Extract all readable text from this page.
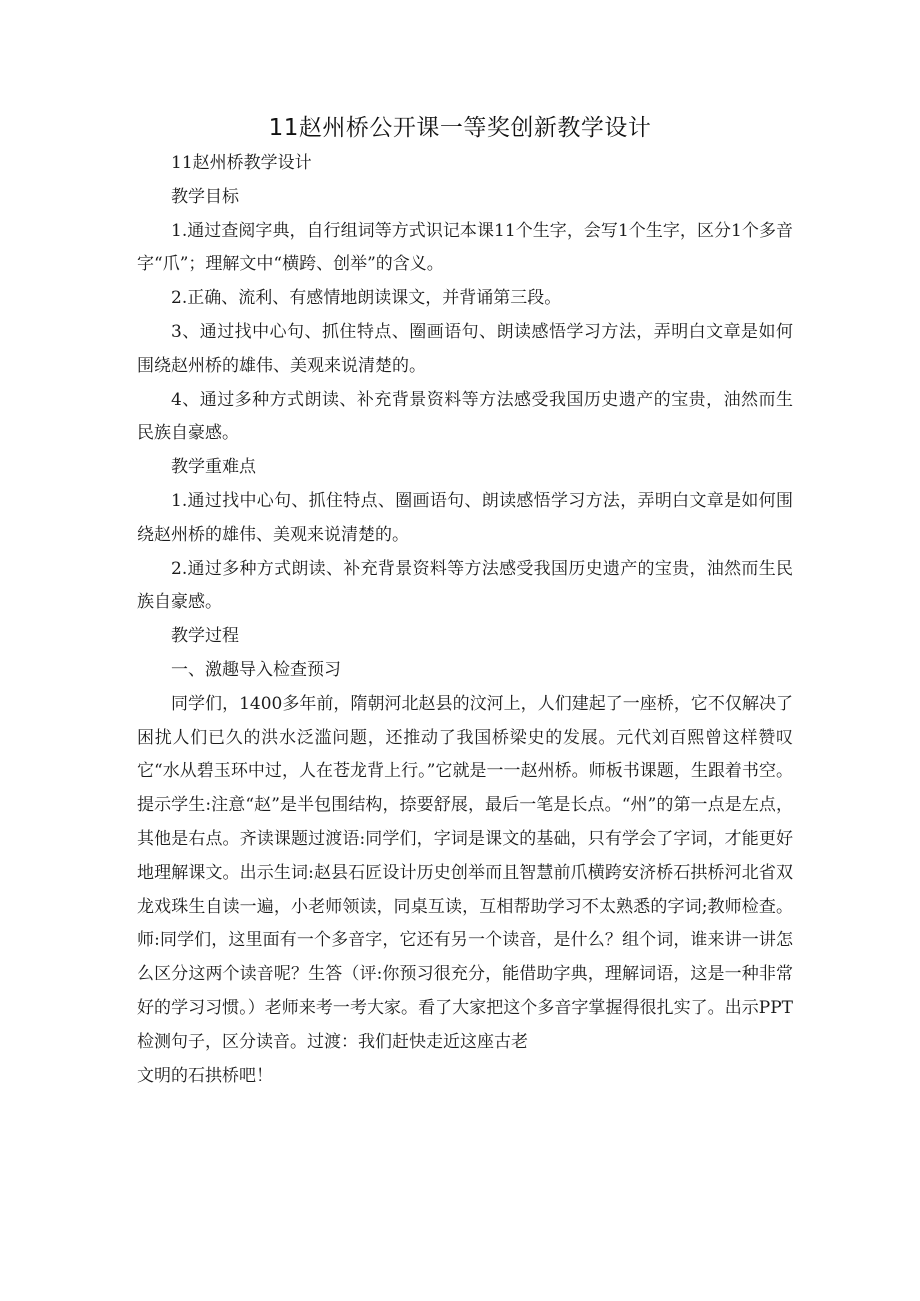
11赵州桥公开课一等奖创新教学设计

11赵州桥教学设计

教学目标

1.通过查阅字典，自行组词等方式识记本课11个生字，会写1个生字，区分1个多音字“爪”；理解文中“横跨、创举”的含义。

2.正确、流利、有感情地朗读课文，并背诵第三段。

3、通过找中心句、抓住特点、圈画语句、朗读感悟学习方法，弄明白文章是如何围绕赵州桥的雄伟、美观来说清楚的。

4、通过多种方式朗读、补充背景资料等方法感受我国历史遗产的宝贵，油然而生民族自豪感。

教学重难点

1.通过找中心句、抓住特点、圈画语句、朗读感悟学习方法，弄明白文章是如何围绕赵州桥的雄伟、美观来说清楚的。

2.通过多种方式朗读、补充背景资料等方法感受我国历史遗产的宝贵，油然而生民族自豪感。

教学过程

一、激趣导入检查预习

同学们，1400多年前，隋朝河北赵县的汶河上，人们建起了一座桥，它不仅解决了困扰人们已久的洪水泛滥问题，还推动了我国桥梁史的发展。元代刘百熙曾这样赞叹它“水从碧玉环中过，人在苍龙背上行。”它就是一一赵州桥。师板书课题，生跟着书空。提示学生:注意“赵”是半包围结构，捺要舒展，最后一笔是长点。“州”的第一点是左点，其他是右点。齐读课题过渡语:同学们，字词是课文的基础，只有学会了字词，才能更好地理解课文。出示生词:赵县石匠设计历史创举而且智慧前爪横跨安济桥石拱桥河北省双龙戏珠生自读一遍，小老师领读，同桌互读，互相帮助学习不太熟悉的字词;教师检查。师:同学们，这里面有一个多音字，它还有另一个读音，是什么？组个词，谁来讲一讲怎么区分这两个读音呢？生答（评:你预习很充分，能借助字典，理解词语，这是一种非常好的学习习惯。）老师来考一考大家。看了大家把这个多音字掌握得很扎实了。出示PPT检测句子，区分读音。过渡：我们赶快走近这座古老

文明的石拱桥吧！
